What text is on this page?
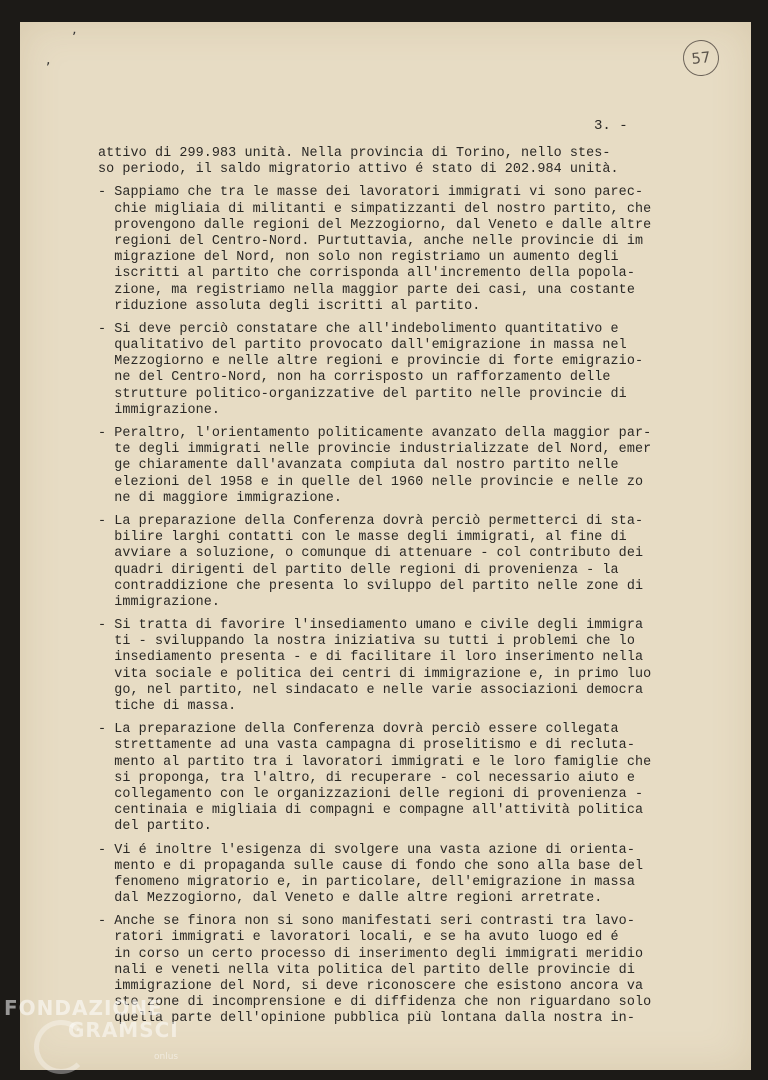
ʼ
,	57
3. -
attivo di 299.983 unità. Nella provincia di Torino, nello stes-
so periodo, il saldo migratorio attivo é stato di 202.984 unità.
- Sappiamo che tra le masse dei lavoratori immigrati vi sono parec-
chie migliaia di militanti e simpatizzanti del nostro partito, che
provengono dalle regioni del Mezzogiorno, dal Veneto e dalle altre
regioni del Centro-Nord. Purtuttavia, anche nelle provincie di im
migrazione del Nord, non solo non registriamo un aumento degli
iscritti al partito che corrisponda all'incremento della popola-
zione, ma registriamo nella maggior parte dei casi, una costante
riduzione assoluta degli iscritti al partito.
- Si deve perciò constatare che all'indebolimento quantitativo e
qualitativo del partito provocato dall'emigrazione in massa nel
Mezzogiorno e nelle altre regioni e provincie di forte emigrazio-
ne del Centro-Nord, non ha corrisposto un rafforzamento delle
strutture politico-organizzative del partito nelle provincie di
immigrazione.
- Peraltro, l'orientamento politicamente avanzato della maggior par-
te degli immigrati nelle provincie industrializzate del Nord, emer
ge chiaramente dall'avanzata compiuta dal nostro partito nelle
elezioni del 1958 e in quelle del 1960 nelle provincie e nelle zo
ne di maggiore immigrazione.
- La preparazione della Conferenza dovrà perciò permetterci di sta-
bilire larghi contatti con le masse degli immigrati, al fine di
avviare a soluzione, o comunque di attenuare - col contributo dei
quadri dirigenti del partito delle regioni di provenienza - la
contraddizione che presenta lo sviluppo del partito nelle zone di
immigrazione.
- Si tratta di favorire l'insediamento umano e civile degli immigra
ti - sviluppando la nostra iniziativa su tutti i problemi che lo
insediamento presenta - e di facilitare il loro inserimento nella
vita sociale e politica dei centri di immigrazione e, in primo luo
go, nel partito, nel sindacato e nelle varie associazioni democra
tiche di massa.
- La preparazione della Conferenza dovrà perciò essere collegata
strettamente ad una vasta campagna di proselitismo e di recluta-
mento al partito tra i lavoratori immigrati e le loro famiglie che
si proponga, tra l'altro, di recuperare - col necessario aiuto e
collegamento con le organizzazioni delle regioni di provenienza -
centinaia e migliaia di compagni e compagne all'attività politica
del partito.
- Vi é inoltre l'esigenza di svolgere una vasta azione di orienta-
mento e di propaganda sulle cause di fondo che sono alla base del
fenomeno migratorio e, in particolare, dell'emigrazione in massa
dal Mezzogiorno, dal Veneto e dalle altre regioni arretrate.
- Anche se finora non si sono manifestati seri contrasti tra lavo-
ratori immigrati e lavoratori locali, e se ha avuto luogo ed é
in corso un certo processo di inserimento degli immigrati meridio
nali e veneti nella vita politica del partito delle provincie di
immigrazione del Nord, si deve riconoscere che esistono ancora va
ste zone di incomprensione e di diffidenza che non riguardano solo
quella parte dell'opinione pubblica più lontana dalla nostra in-
FONDAZIONE
GRAMSCI
onlus
